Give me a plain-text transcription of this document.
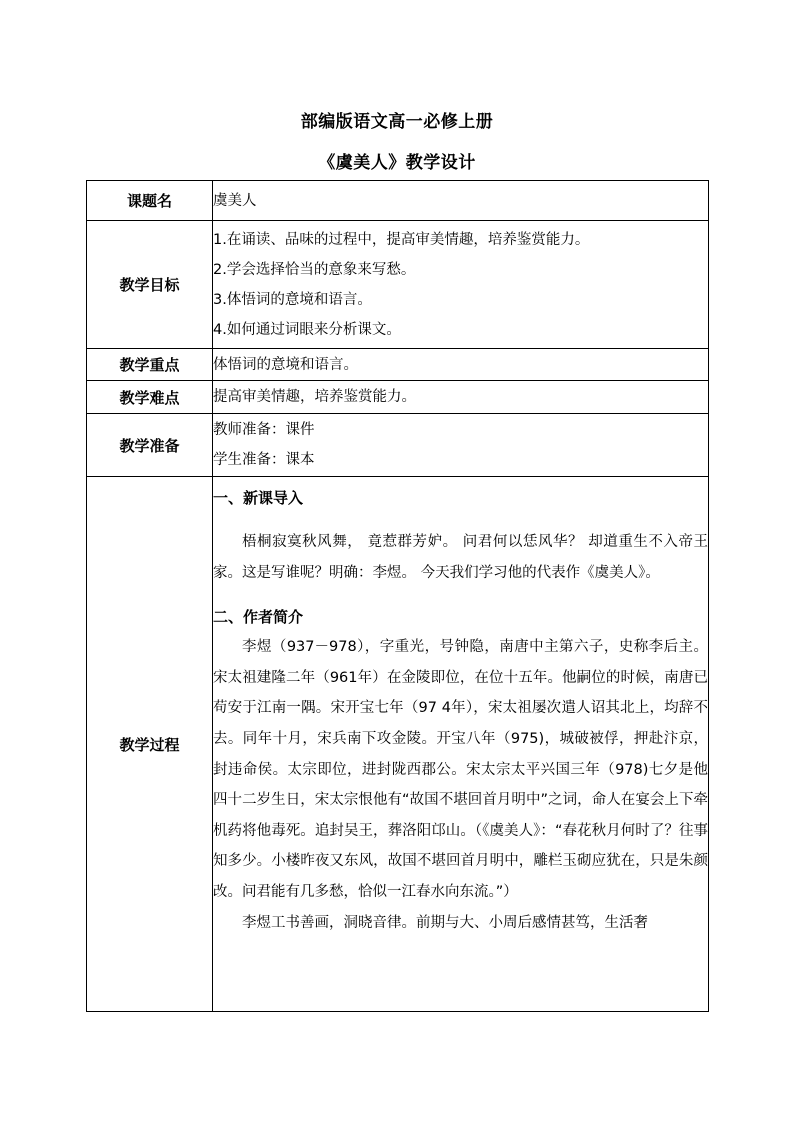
部编版语文高一必修上册
《虞美人》教学设计
课题名	虞美人

教学目标	1.在诵读、品味的过程中，提高审美情趣，培养鉴赏能力。
2.学会选择恰当的意象来写愁。
3.体悟词的意境和语言。
4.如何通过词眼来分析课文。

教学重点	体悟词的意境和语言。

教学难点	提高审美情趣，培养鉴赏能力。

教学准备	教师准备：课件
学生准备：课本

教学过程	一、新课导入

梧桐寂寞秋风舞， 竟惹群芳妒。 问君何以恁风华？ 却道重生不入帝王家。这是写谁呢？明确：李煜。 今天我们学习他的代表作《虞美人》。

二、作者简介

李煜（937－978），字重光，号钟隐，南唐中主第六子，史称李后主。宋太祖建隆二年（961年）在金陵即位，在位十五年。他嗣位的时候，南唐已苟安于江南一隅。宋开宝七年（97 4年），宋太祖屡次遣人诏其北上，均辞不去。同年十月，宋兵南下攻金陵。开宝八年（975)，城破被俘，押赴汴京，封违命侯。太宗即位，进封陇西郡公。宋太宗太平兴国三年（978)七夕是他四十二岁生日，宋太宗恨他有“故国不堪回首月明中”之词，命人在宴会上下牵机药将他毒死。追封吴王，葬洛阳邙山。（《虞美人》：“春花秋月何时了？往事知多少。小楼昨夜又东风，故国不堪回首月明中，雕栏玉砌应犹在，只是朱颜改。问君能有几多愁，恰似一江春水向东流。”）

李煜工书善画，洞晓音律。前期与大、小周后感情甚笃，生活奢
